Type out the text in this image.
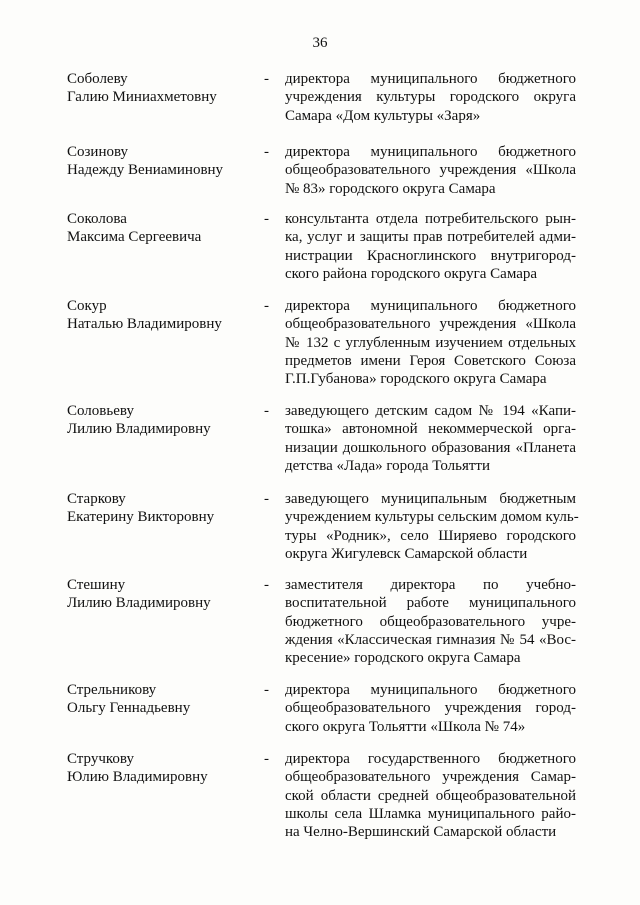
36
Соболеву
Галию Миниахметовну
- директора муниципального бюджетного
учреждения культуры городского округа
Самара «Дом культуры «Заря»
Созинову
Надежду Вениаминовну
- директора муниципального бюджетного
общеобразовательного учреждения «Школа
№ 83» городского округа Самара
Соколова
Максима Сергеевича
- консультанта отдела потребительского рын-
ка, услуг и защиты прав потребителей адми-
нистрации Красноглинского внутригород-
ского района городского округа Самара
Сокур
Наталью Владимировну
- директора муниципального бюджетного
общеобразовательного учреждения «Школа
№ 132 с углубленным изучением отдельных
предметов имени Героя Советского Союза
Г.П.Губанова» городского округа Самара
Соловьеву
Лилию Владимировну
- заведующего детским садом № 194 «Капи-
тошка» автономной некоммерческой орга-
низации дошкольного образования «Планета
детства «Лада» города Тольятти
Старкову
Екатерину Викторовну
- заведующего муниципальным бюджетным
учреждением культуры сельским домом куль-
туры «Родник», село Ширяево городского
округа Жигулевск Самарской области
Стешину
Лилию Владимировну
- заместителя директора по учебно-
воспитательной работе муниципального
бюджетного общеобразовательного учре-
ждения «Классическая гимназия № 54 «Вос-
кресение» городского округа Самара
Стрельникову
Ольгу Геннадьевну
- директора муниципального бюджетного
общеобразовательного учреждения город-
ского округа Тольятти «Школа № 74»
Стручкову
Юлию Владимировну
- директора государственного бюджетного
общеобразовательного учреждения Самар-
ской области средней общеобразовательной
школы села Шламка муниципального райо-
на Челно-Вершинский Самарской области
